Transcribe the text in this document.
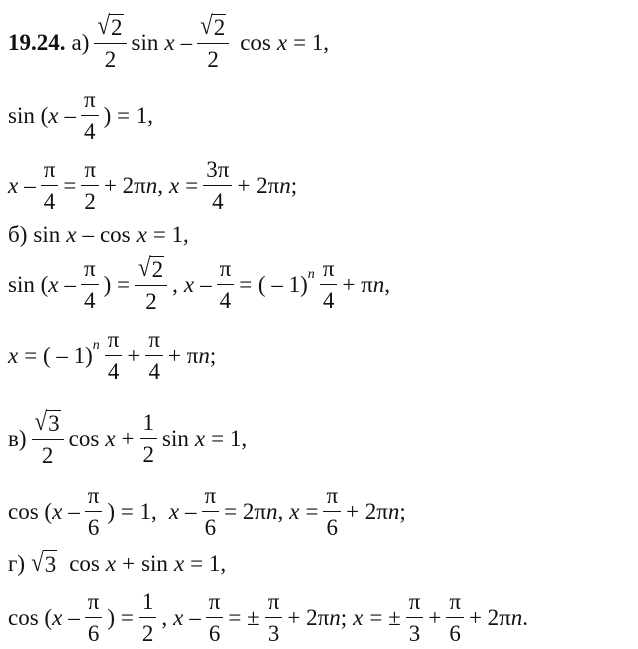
19.24. $а) \frac{√ 2}{2}$ sin x – $\frac{√ 2}{2}$ cos x = 1,
sin ( x – $\frac{\pi}{4}$ ) = 1,
$x - \frac{\pi}{4} = \frac{\pi}{2} + 2\pi$ n , $x = \frac{3\pi}{4} + 2\pi$ n ;
б) sin x – cos x = 1,
sin ( x – $\frac{\pi}{4}$ ) = $\frac{√ 2}{2}$ , x – $\frac{\pi}{4}$ = ( – 1) n $\frac{\pi}{4} + \pi$ n ,
x = ( – 1) n $\frac{\pi}{4} + \frac{\pi}{4} + \pi$ n ;
$в) \frac{√ 3}{2}$ $\cos x + \frac{1}{2}$ sin x = 1,
cos ( x – $\frac{\pi}{6}$ ) = 1, $x - \frac{\pi}{6} = 2\pi$ n , $x = \frac{\pi}{6} + 2\pi$ n ;
г) √ 3 cos x + sin x = 1,
cos ( x – $\frac{\pi}{6}$ ) = $\frac{1}{2}$ , x – $\frac{\pi}{6}$ = ± $\frac{\pi}{3} + 2\pi$ n ; x = ± $\frac{\pi}{3} + \frac{\pi}{6} + 2\pi$ n .
